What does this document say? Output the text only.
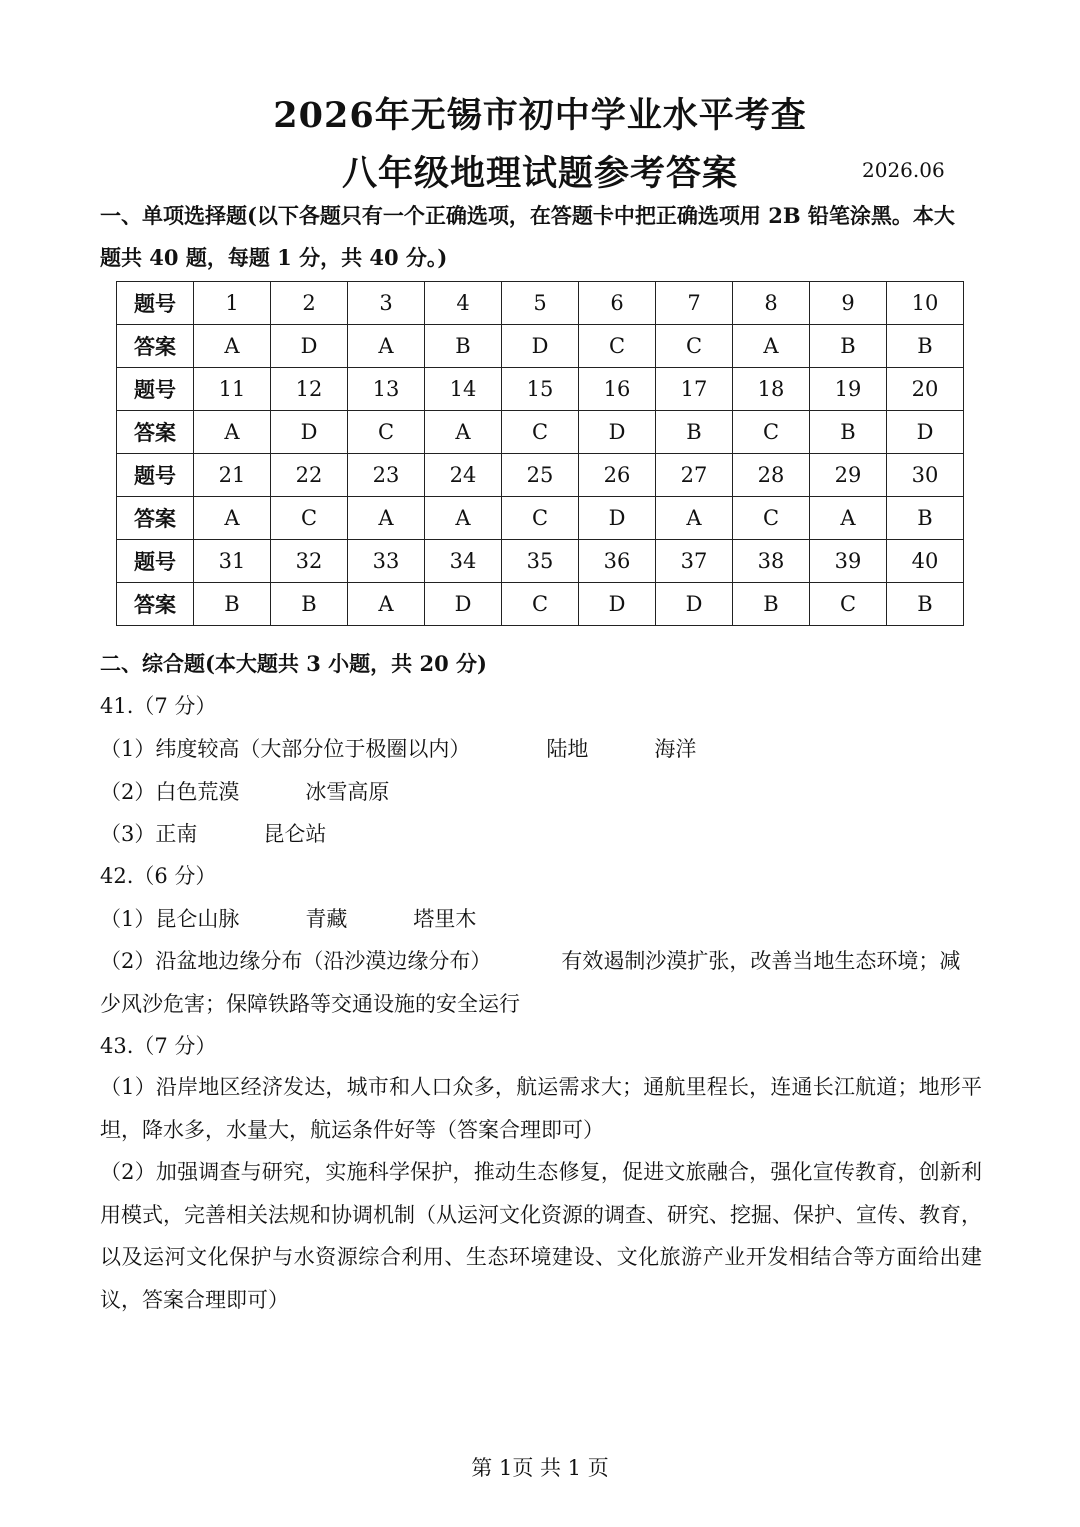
2026年无锡市初中学业水平考查
八年级地理试题参考答案	2026.06
一、单项选择题(以下各题只有一个正确选项，在答题卡中把正确选项用 2B 铅笔涂黑。本大
题共 40 题，每题 1 分，共 40 分。)
题号	1	2	3	4	5	6	7	8	9	10
答案	A	D	A	B	D	C	C	A	B	B
题号	11	12	13	14	15	16	17	18	19	20
答案	A	D	C	A	C	D	B	C	B	D
题号	21	22	23	24	25	26	27	28	29	30
答案	A	C	A	A	C	D	A	C	A	B
题号	31	32	33	34	35	36	37	38	39	40
答案	B	B	A	D	C	D	D	B	C	B
二、综合题(本大题共 3 小题，共 20 分)
41.（7 分）
（1）纬度较高（大部分位于极圈以内）	陆地	海洋
（2）白色荒漠	冰雪高原
（3）正南	昆仑站
42.（6 分）
（1）昆仑山脉	青藏	塔里木
（2）沿盆地边缘分布（沿沙漠边缘分布）	有效遏制沙漠扩张，改善当地生态环境；减
少风沙危害；保障铁路等交通设施的安全运行
43.（7 分）
（1）沿岸地区经济发达，城市和人口众多，航运需求大；通航里程长，连通长江航道；地形平坦，降水多，水量大，航运条件好等（答案合理即可）
（2）加强调查与研究，实施科学保护，推动生态修复，促进文旅融合，强化宣传教育，创新利用模式，完善相关法规和协调机制（从运河文化资源的调查、研究、挖掘、保护、宣传、教育，以及运河文化保护与水资源综合利用、生态环境建设、文化旅游产业开发相结合等方面给出建议，答案合理即可）
第 1页 共 1 页
